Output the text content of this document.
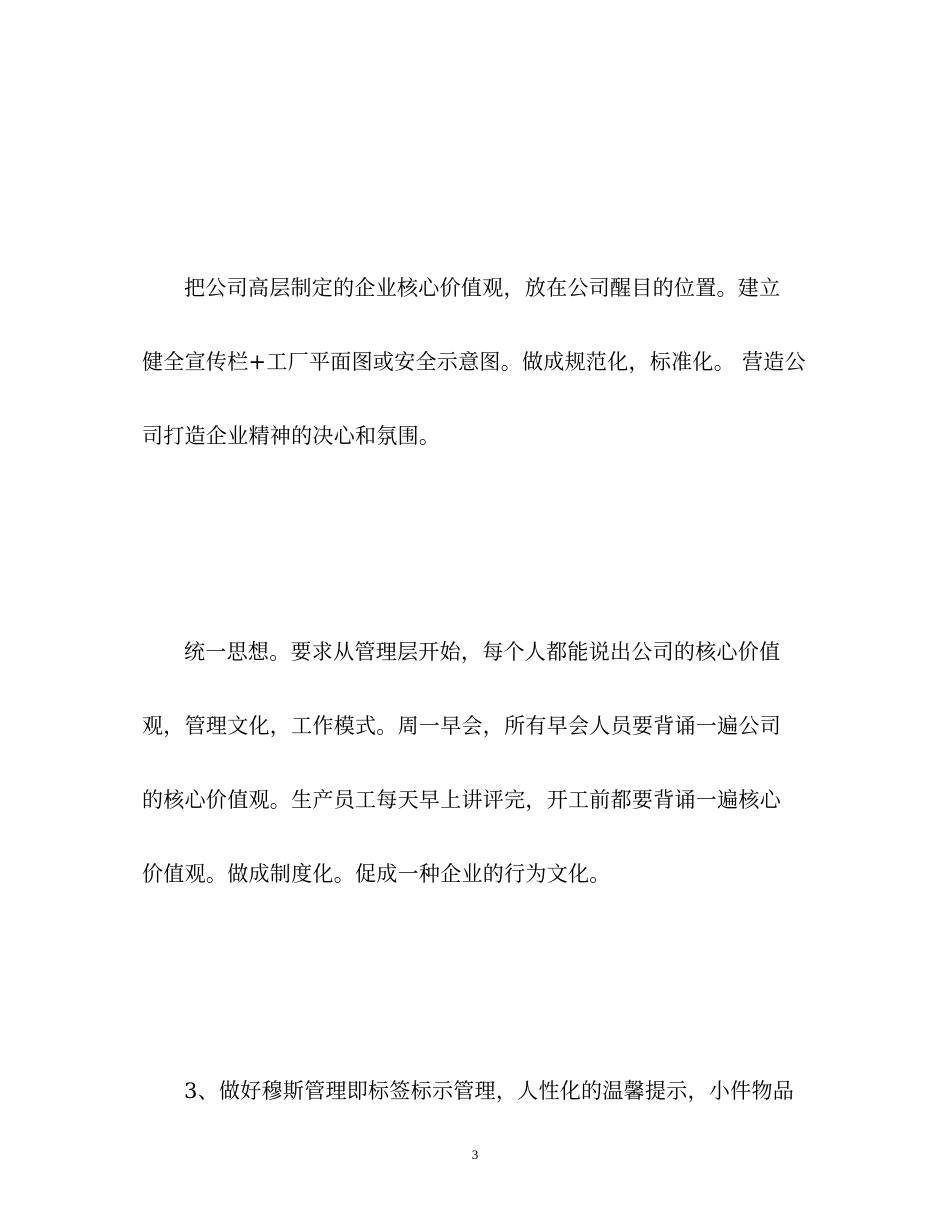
把公司高层制定的企业核心价值观，放在公司醒目的位置。建立
健全宣传栏+工厂平面图或安全示意图。做成规范化，标准化。 营造公
司打造企业精神的决心和氛围。
统一思想。要求从管理层开始，每个人都能说出公司的核心价值
观，管理文化，工作模式。周一早会，所有早会人员要背诵一遍公司
的核心价值观。生产员工每天早上讲评完，开工前都要背诵一遍核心
价值观。做成制度化。促成一种企业的行为文化。
3、做好穆斯管理即标签标示管理，人性化的温馨提示，小件物品
3
